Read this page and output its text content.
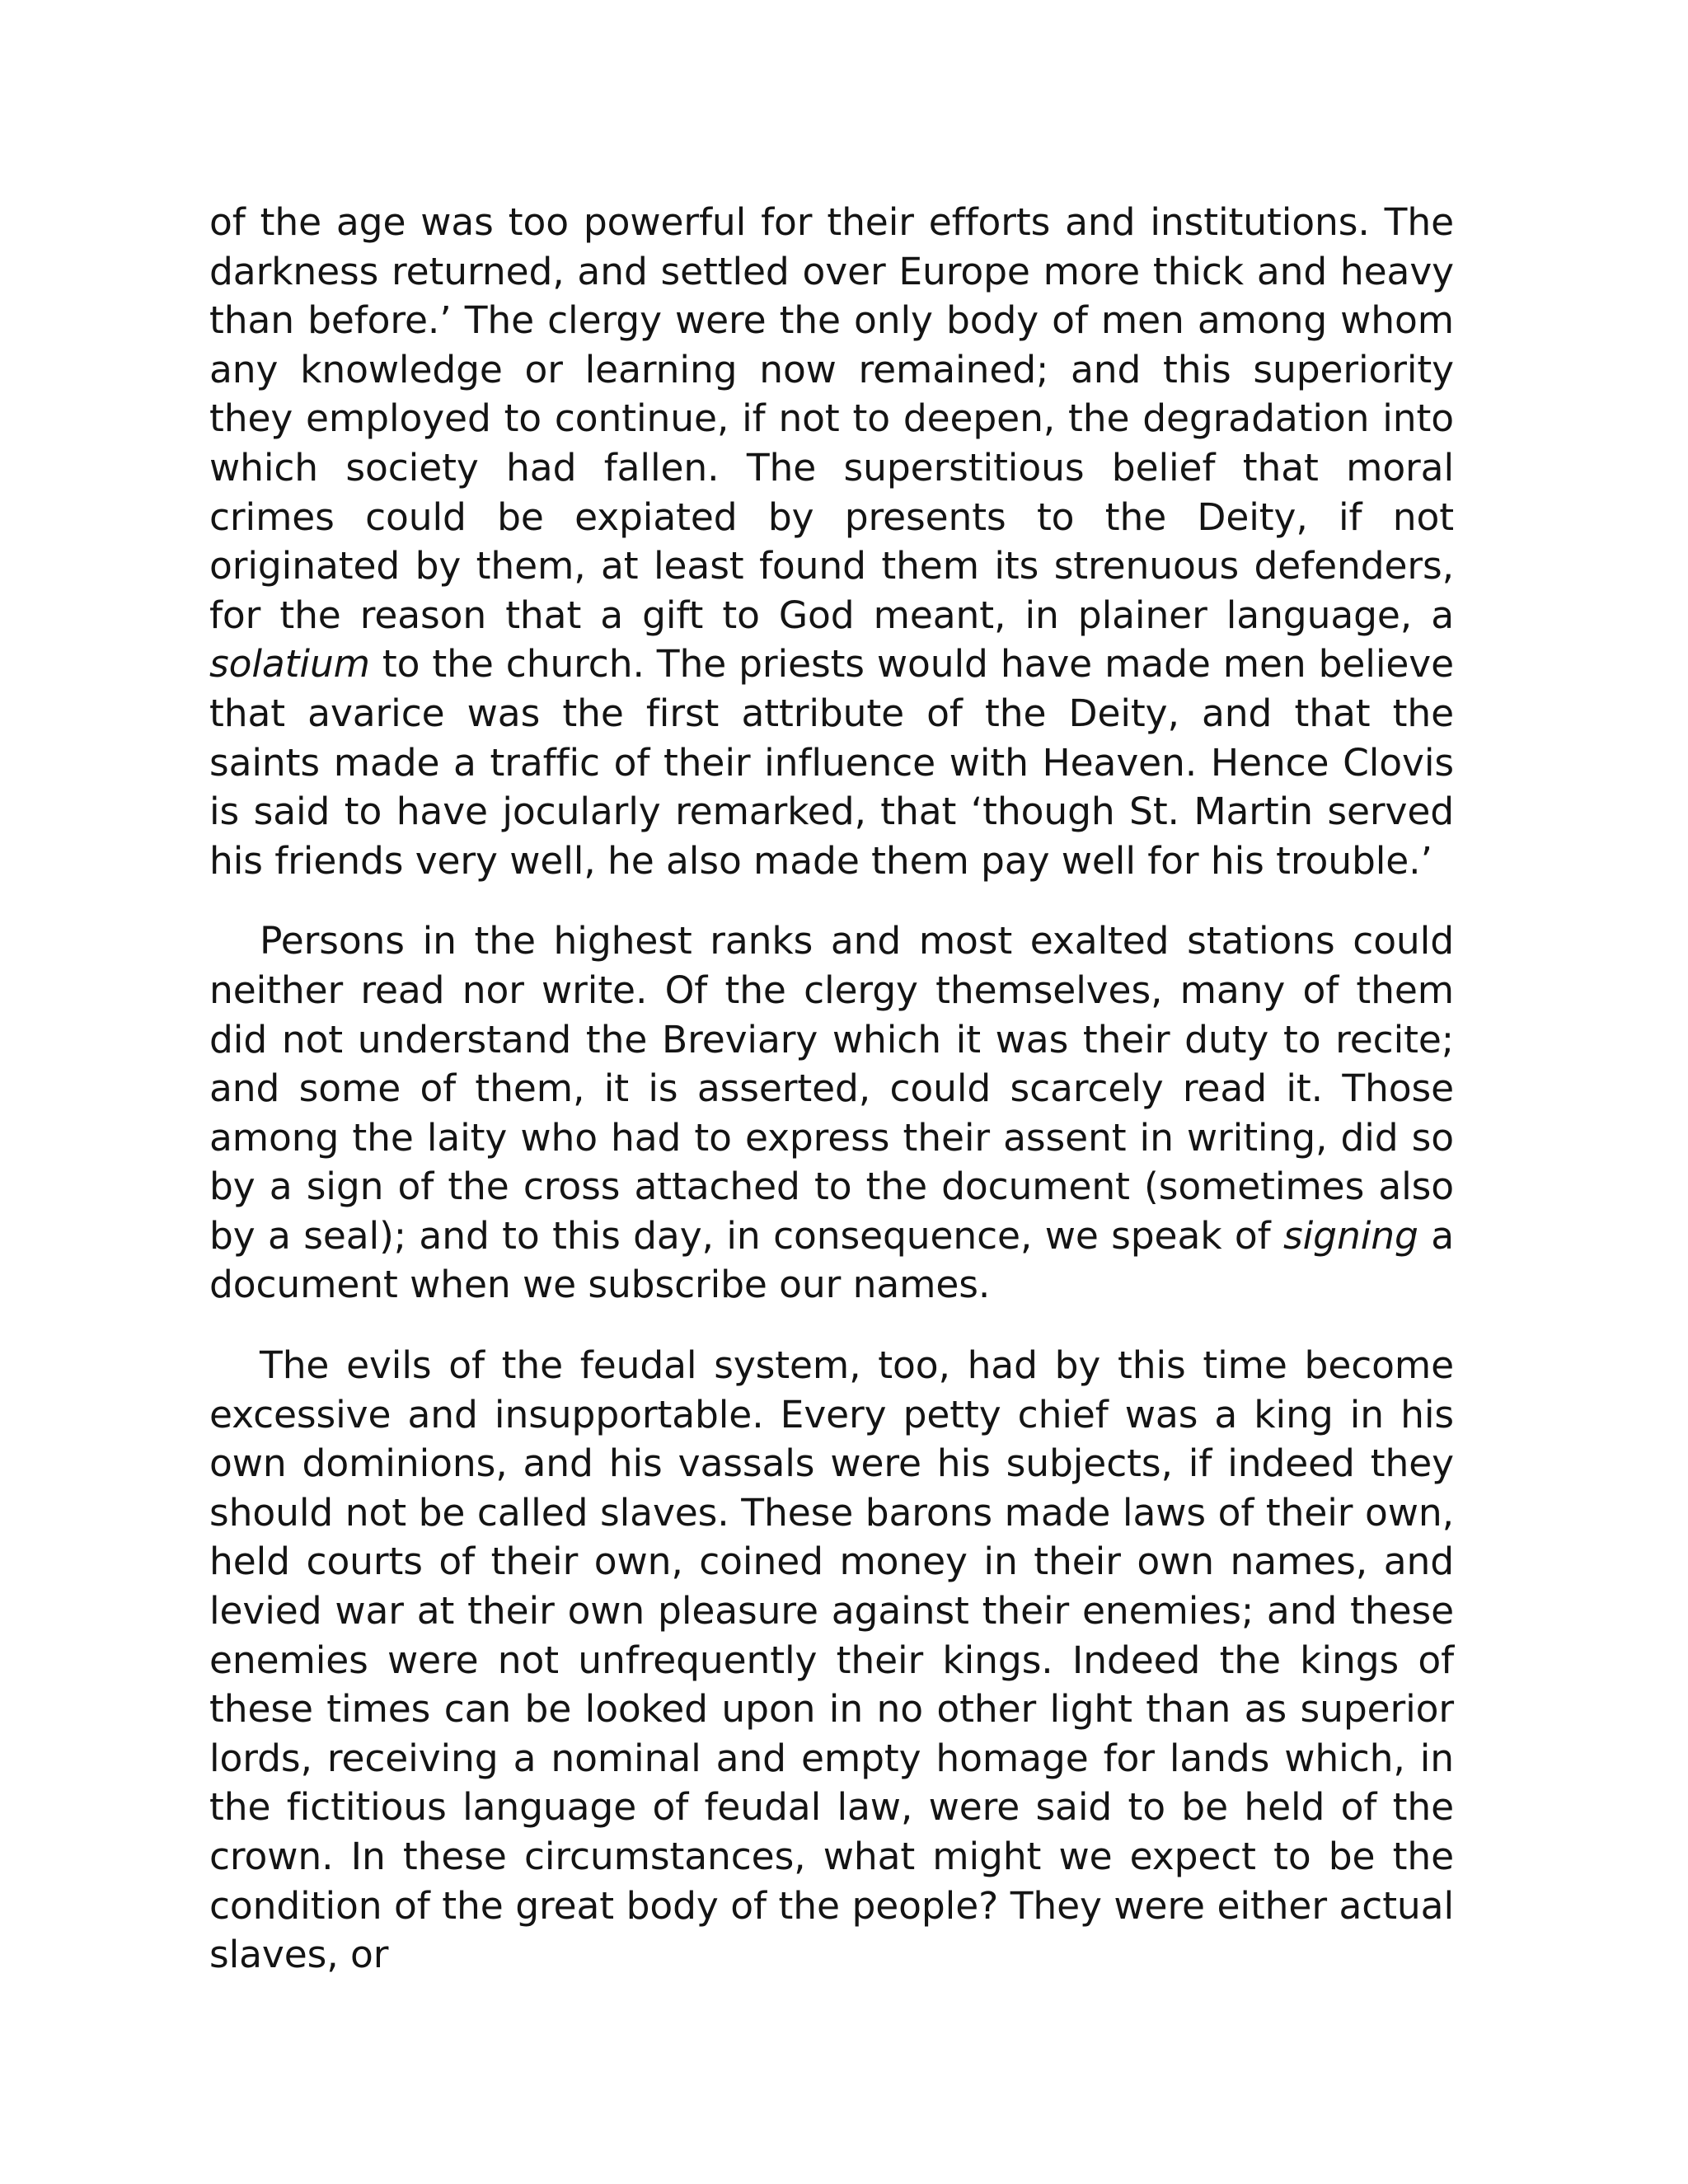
of the age was too powerful for their efforts and institutions. The darkness returned, and settled over Europe more thick and heavy than before.’ The clergy were the only body of men among whom any knowledge or learning now remained; and this superiority they employed to continue, if not to deepen, the degradation into which society had fallen. The superstitious belief that moral crimes could be expiated by presents to the Deity, if not originated by them, at least found them its strenuous defenders, for the reason that a gift to God meant, in plainer language, a solatium to the church. The priests would have made men believe that avarice was the first attribute of the Deity, and that the saints made a traffic of their influence with Heaven. Hence Clovis is said to have jocularly remarked, that ‘though St. Martin served his friends very well, he also made them pay well for his trouble.’

Persons in the highest ranks and most exalted stations could neither read nor write. Of the clergy themselves, many of them did not understand the Breviary which it was their duty to recite; and some of them, it is asserted, could scarcely read it. Those among the laity who had to express their assent in writing, did so by a sign of the cross attached to the document (sometimes also by a seal); and to this day, in consequence, we speak of signing a document when we subscribe our names.

The evils of the feudal system, too, had by this time become excessive and insupportable. Every petty chief was a king in his own dominions, and his vassals were his subjects, if indeed they should not be called slaves. These barons made laws of their own, held courts of their own, coined money in their own names, and levied war at their own pleasure against their enemies; and these enemies were not unfrequently their kings. Indeed the kings of these times can be looked upon in no other light than as superior lords, receiving a nominal and empty homage for lands which, in the fictitious language of feudal law, were said to be held of the crown. In these circumstances, what might we expect to be the condition of the great body of the people? They were either actual slaves, or
